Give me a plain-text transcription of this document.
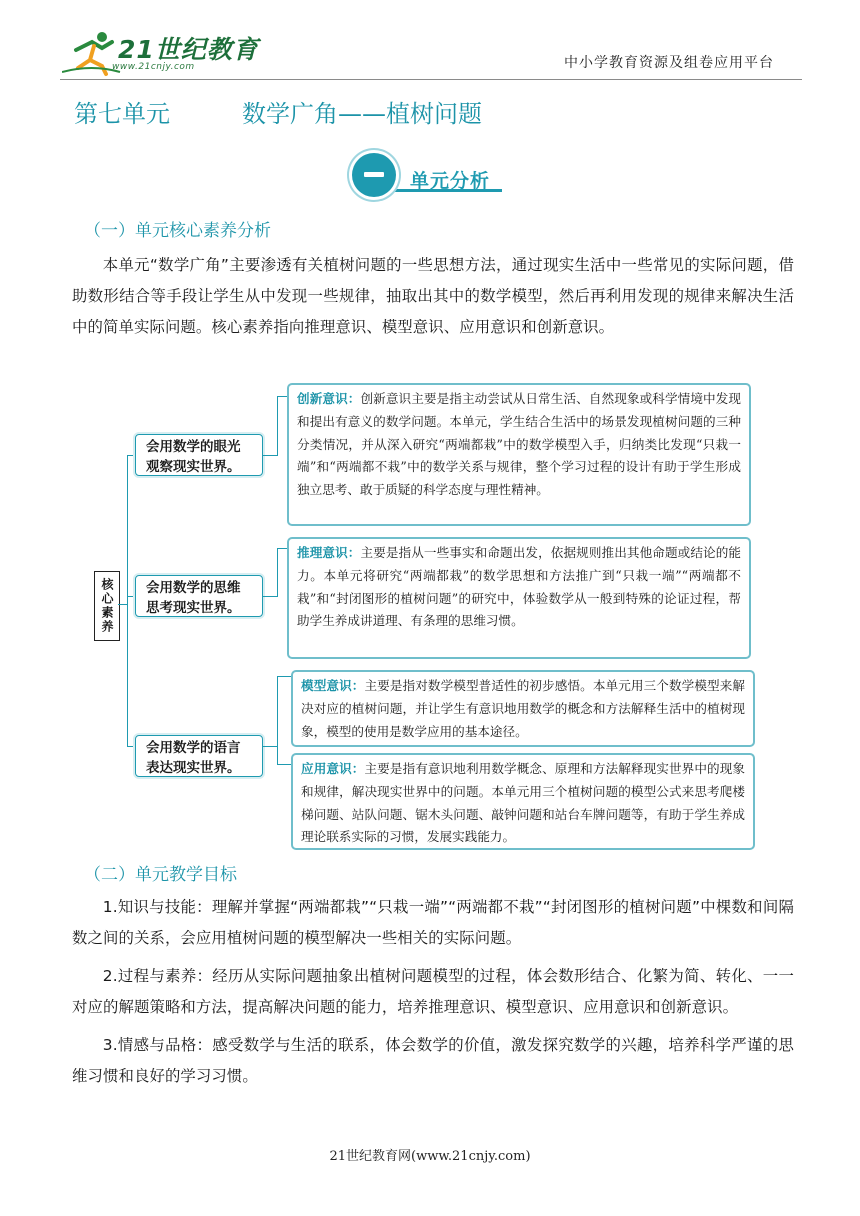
21世纪教育
www.21cnjy.com	中小学教育资源及组卷应用平台
第七单元	数学广角——植树问题
单元分析
（一）单元核心素养分析

本单元“数学广角”主要渗透有关植树问题的一些思想方法，通过现实生活中一些常见的实际问题，借助数形结合等手段让学生从中发现一些规律，抽取出其中的数学模型，然后再利用发现的规律来解决生活中的简单实际问题。核心素养指向推理意识、模型意识、应用意识和创新意识。

核心素养
会用数学的眼光观察现实世界。
会用数学的思维思考现实世界。
会用数学的语言表达现实世界。
创新意识：创新意识主要是指主动尝试从日常生活、自然现象或科学情境中发现和提出有意义的数学问题。本单元，学生结合生活中的场景发现植树问题的三种分类情况，并从深入研究“两端都栽”中的数学模型入手，归纳类比发现“只栽一端”和“两端都不栽”中的数学关系与规律，整个学习过程的设计有助于学生形成独立思考、敢于质疑的科学态度与理性精神。
推理意识：主要是指从一些事实和命题出发，依据规则推出其他命题或结论的能力。本单元将研究“两端都栽”的数学思想和方法推广到“只栽一端”“两端都不栽”和“封闭图形的植树问题”的研究中，体验数学从一般到特殊的论证过程，帮助学生养成讲道理、有条理的思维习惯。
模型意识：主要是指对数学模型普适性的初步感悟。本单元用三个数学模型来解决对应的植树问题，并让学生有意识地用数学的概念和方法解释生活中的植树现象，模型的使用是数学应用的基本途径。
应用意识：主要是指有意识地利用数学概念、原理和方法解释现实世界中的现象和规律，解决现实世界中的问题。本单元用三个植树问题的模型公式来思考爬楼梯问题、站队问题、锯木头问题、敲钟问题和站台车牌问题等，有助于学生养成理论联系实际的习惯，发展实践能力。
（二）单元教学目标

1.知识与技能：理解并掌握“两端都栽”“只栽一端”“两端都不栽”“封闭图形的植树问题”中棵数和间隔数之间的关系，会应用植树问题的模型解决一些相关的实际问题。

2.过程与素养：经历从实际问题抽象出植树问题模型的过程，体会数形结合、化繁为简、转化、一一对应的解题策略和方法，提高解决问题的能力，培养推理意识、模型意识、应用意识和创新意识。

3.情感与品格：感受数学与生活的联系，体会数学的价值，激发探究数学的兴趣，培养科学严谨的思维习惯和良好的学习习惯。

21世纪教育网(www.21cnjy.com)
